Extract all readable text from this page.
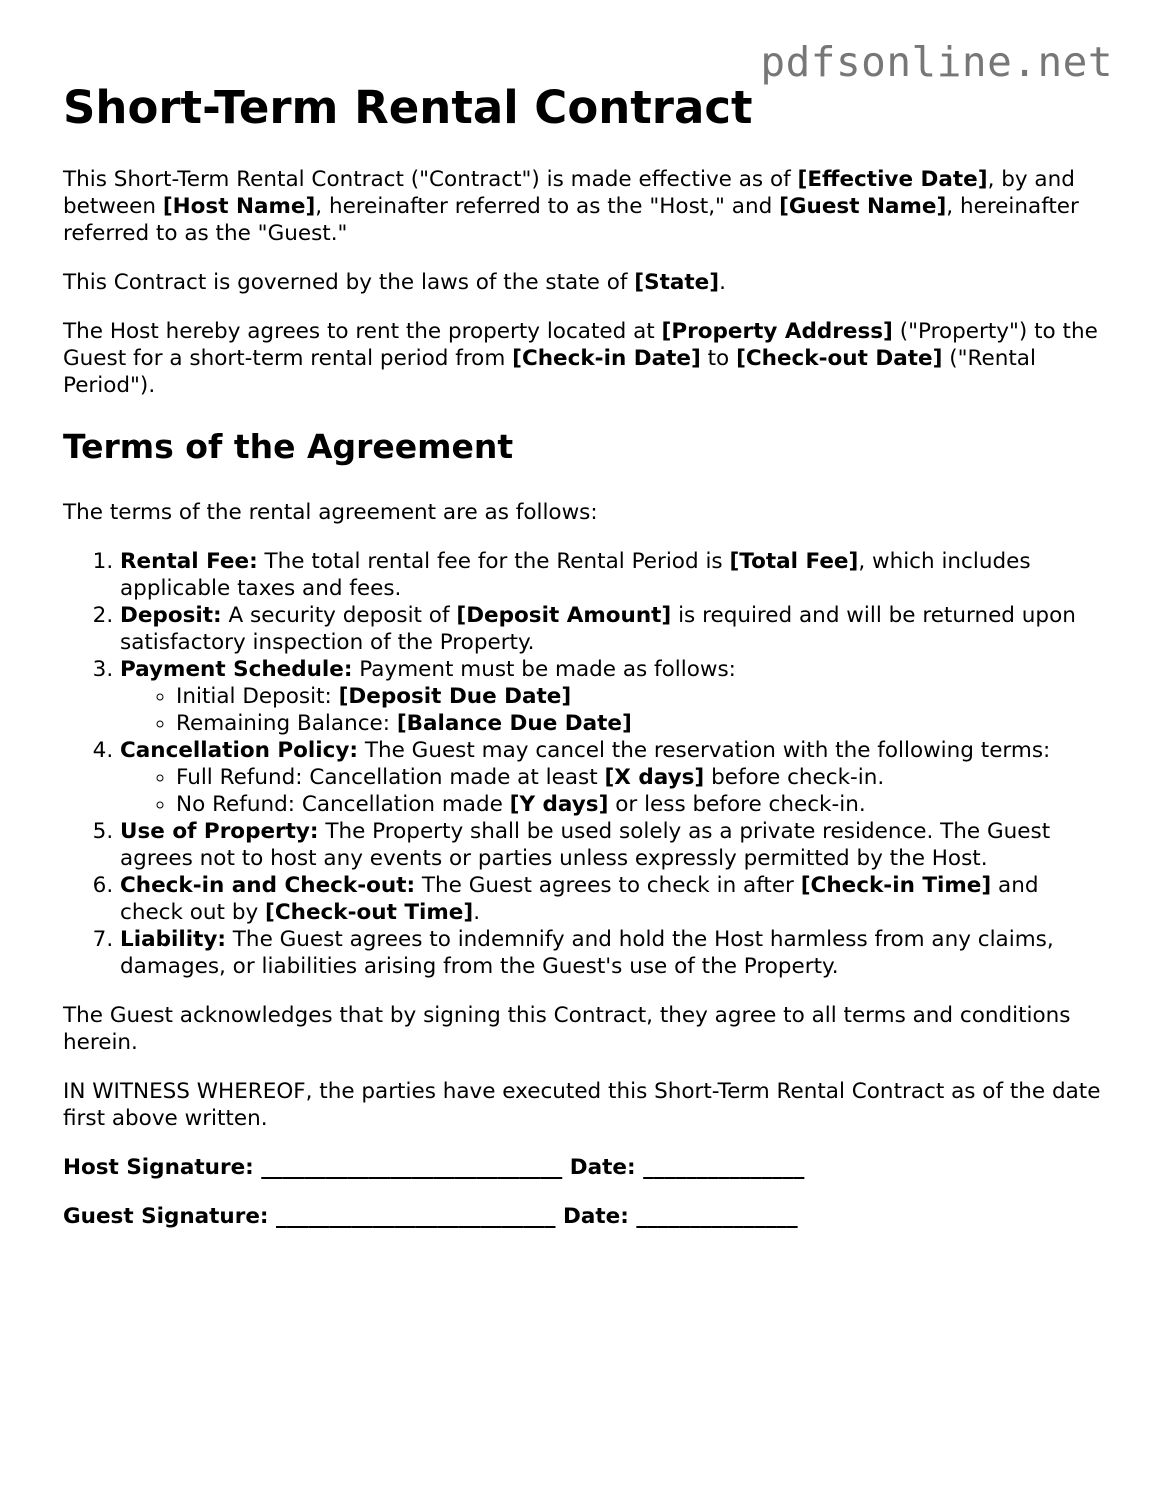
pdfsonline.net
Short-Term Rental Contract

This Short-Term Rental Contract ("Contract") is made effective as of [Effective Date], by and between [Host Name], hereinafter referred to as the "Host," and [Guest Name], hereinafter referred to as the "Guest."

This Contract is governed by the laws of the state of [State].

The Host hereby agrees to rent the property located at [Property Address] ("Property") to the Guest for a short-term rental period from [Check-in Date] to [Check-out Date] ("Rental Period").

Terms of the Agreement

The terms of the rental agreement are as follows:

1. Rental Fee: The total rental fee for the Rental Period is [Total Fee], which includes applicable taxes and fees.
2. Deposit: A security deposit of [Deposit Amount] is required and will be returned upon satisfactory inspection of the Property.
3. Payment Schedule: Payment must be made as follows:
◦ Initial Deposit: [Deposit Due Date]
◦ Remaining Balance: [Balance Due Date]
4. Cancellation Policy: The Guest may cancel the reservation with the following terms:
◦ Full Refund: Cancellation made at least [X days] before check-in.
◦ No Refund: Cancellation made [Y days] or less before check-in.
5. Use of Property: The Property shall be used solely as a private residence. The Guest agrees not to host any events or parties unless expressly permitted by the Host.
6. Check-in and Check-out: The Guest agrees to check in after [Check-in Time] and check out by [Check-out Time].
7. Liability: The Guest agrees to indemnify and hold the Host harmless from any claims, damages, or liabilities arising from the Guest's use of the Property.

The Guest acknowledges that by signing this Contract, they agree to all terms and conditions herein.

IN WITNESS WHEREOF, the parties have executed this Short-Term Rental Contract as of the date first above written.

Host Signature: ____________________________ Date: _______________
Guest Signature: __________________________ Date: _______________
